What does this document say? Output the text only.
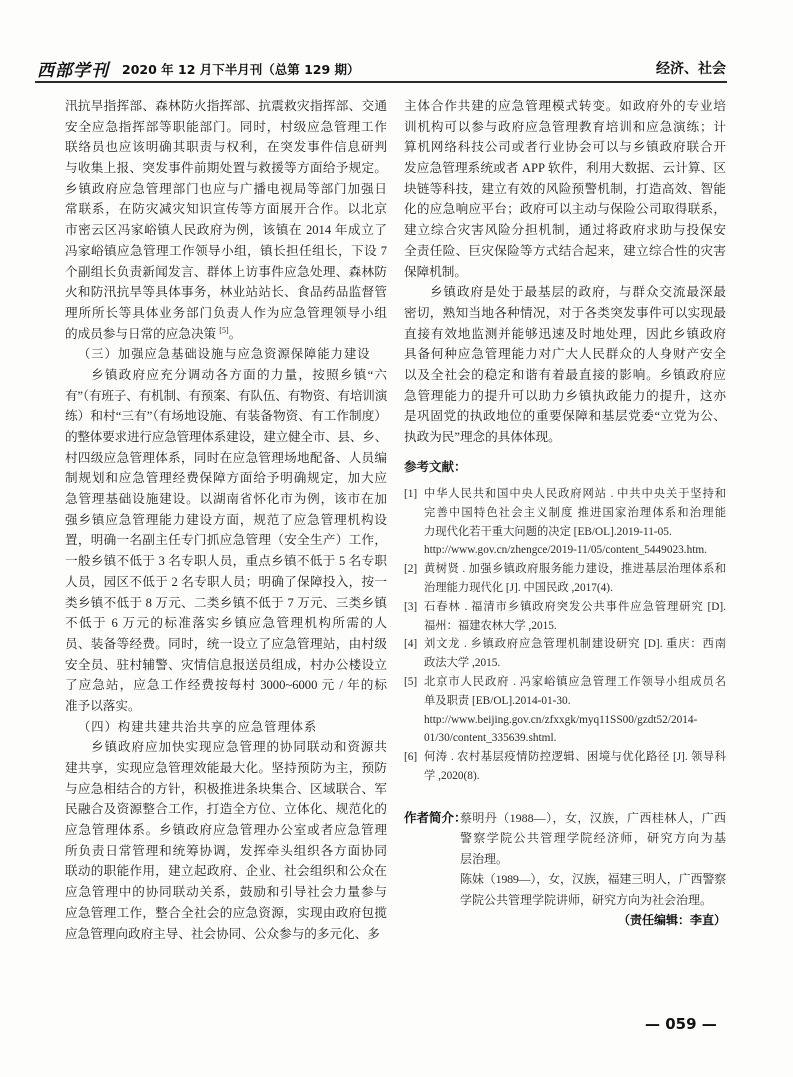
西部学刊 2020 年 12 月下半月刊（总第 129 期）	经济、社会
汛抗旱指挥部、森林防火指挥部、抗震救灾指挥部、交通
安全应急指挥部等职能部门。同时，村级应急管理工作
联络员也应该明确其职责与权利，在突发事件信息研判
与收集上报、突发事件前期处置与救援等方面给予规定。
乡镇政府应急管理部门也应与广播电视局等部门加强日
常联系，在防灾减灾知识宣传等方面展开合作。以北京
市密云区冯家峪镇人民政府为例，该镇在 2014 年成立了
冯家峪镇应急管理工作领导小组，镇长担任组长，下设 7
个副组长负责新闻发言、群体上访事件应急处理、森林防
火和防汛抗旱等具体事务，林业站站长、食品药品监督管
理所所长等具体业务部门负责人作为应急管理领导小组
的成员参与日常的应急决策 [5]。
（三）加强应急基础设施与应急资源保障能力建设
乡镇政府应充分调动各方面的力量，按照乡镇“六
有”（有班子、有机制、有预案、有队伍、有物资、有培训演
练）和村“三有”（有场地设施、有装备物资、有工作制度）
的整体要求进行应急管理体系建设，建立健全市、县、乡、
村四级应急管理体系，同时在应急管理场地配备、人员编
制规划和应急管理经费保障方面给予明确规定，加大应
急管理基础设施建设。以湖南省怀化市为例，该市在加
强乡镇应急管理能力建设方面，规范了应急管理机构设
置，明确一名副主任专门抓应急管理（安全生产）工作，
一般乡镇不低于 3 名专职人员，重点乡镇不低于 5 名专职
人员，园区不低于 2 名专职人员；明确了保障投入，按一
类乡镇不低于 8 万元、二类乡镇不低于 7 万元、三类乡镇
不低于 6 万元的标准落实乡镇应急管理机构所需的人
员、装备等经费。同时，统一设立了应急管理站，由村级
安全员、驻村辅警、灾情信息报送员组成，村办公楼设立
了应急站，应急工作经费按每村 3000~6000 元 / 年的标
准予以落实。
（四）构建共建共治共享的应急管理体系
乡镇政府应加快实现应急管理的协同联动和资源共
建共享，实现应急管理效能最大化。坚持预防为主，预防
与应急相结合的方针，积极推进条块集合、区域联合、军
民融合及资源整合工作，打造全方位、立体化、规范化的
应急管理体系。乡镇政府应急管理办公室或者应急管理
所负责日常管理和统筹协调，发挥牵头组织各方面协同
联动的职能作用，建立起政府、企业、社会组织和公众在
应急管理中的协同联动关系，鼓励和引导社会力量参与
应急管理工作，整合全社会的应急资源，实现由政府包揽
应急管理向政府主导、社会协同、公众参与的多元化、多
主体合作共建的应急管理模式转变。如政府外的专业培
训机构可以参与政府应急管理教育培训和应急演练；计
算机网络科技公司或者行业协会可以与乡镇政府联合开
发应急管理系统或者 APP 软件，利用大数据、云计算、区
块链等科技，建立有效的风险预警机制，打造高效、智能
化的应急响应平台；政府可以主动与保险公司取得联系，
建立综合灾害风险分担机制，通过将政府求助与投保安
全责任险、巨灾保险等方式结合起来，建立综合性的灾害
保障机制。
乡镇政府是处于最基层的政府，与群众交流最深最
密切，熟知当地各种情况，对于各类突发事件可以实现最
直接有效地监测并能够迅速及时地处理，因此乡镇政府
具备何种应急管理能力对广大人民群众的人身财产安全
以及全社会的稳定和谐有着最直接的影响。乡镇政府应
急管理能力的提升可以助力乡镇执政能力的提升，这亦
是巩固党的执政地位的重要保障和基层党委“立党为公、
执政为民”理念的具体体现。
参考文献：
[1] 中华人民共和国中央人民政府网站 . 中共中央关于坚持和
完善中国特色社会主义制度 推进国家治理体系和治理能
力现代化若干重大问题的决定 [EB/OL].2019-11-05.
http://www.gov.cn/zhengce/2019-11/05/content_5449023.htm.
[2] 黄树贤 . 加强乡镇政府服务能力建设，推进基层治理体系和
治理能力现代化 [J]. 中国民政 ,2017(4).
[3] 石春林 . 福清市乡镇政府突发公共事件应急管理研究 [D].
福州：福建农林大学 ,2015.
[4] 刘文龙 . 乡镇政府应急管理机制建设研究 [D]. 重庆：西南
政法大学 ,2015.
[5] 北京市人民政府 . 冯家峪镇应急管理工作领导小组成员名
单及职责 [EB/OL].2014-01-30.
http://www.beijing.gov.cn/zfxxgk/myq11SS00/gzdt52/2014-
01/30/content_335639.shtml.
[6] 何涛 . 农村基层疫情防控逻辑、困境与优化路径 [J]. 领导科
学 ,2020(8).
作者简介：
蔡明丹（1988—），女，汉族，广西桂林人，广西
警察学院公共管理学院经济师，研究方向为基
层治理。
陈妹（1989—），女，汉族，福建三明人，广西警察
学院公共管理学院讲师，研究方向为社会治理。
（责任编辑：李直）
— 059 —
